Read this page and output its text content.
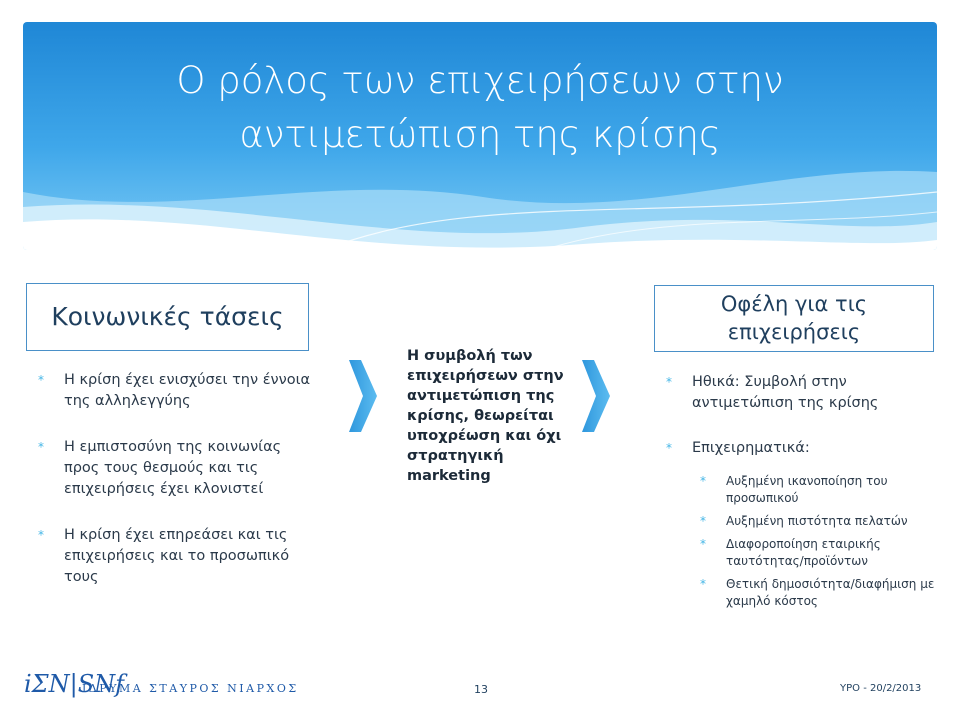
Ο ρόλος των επιχειρήσεων στην
αντιμετώπιση της κρίσης
Κοινωνικές τάσεις
* Η κρίση έχει ενισχύσει την έννοια της αλληλεγγύης
* Η εμπιστοσύνη της κοινωνίας προς τους θεσμούς και τις επιχειρήσεις έχει κλονιστεί
* Η κρίση έχει επηρεάσει και τις επιχειρήσεις και το προσωπικό τους
Η συμβολή των επιχειρήσεων στην αντιμετώπιση της κρίσης, θεωρείται υποχρέωση και όχι στρατηγική marketing
Οφέλη για τις
επιχειρήσεις
* Ηθικά: Συμβολή στην αντιμετώπιση της κρίσης
* Επιχειρηματικά:
* Αυξημένη ικανοποίηση του προσωπικού
* Αυξημένη πιστότητα πελατών
* Διαφοροποίηση εταιρικής ταυτότητας/προϊόντων
* Θετική δημοσιότητα/διαφήμιση με χαμηλό κόστος
iΣΝ|SNf
ΙΔΡΥΜΑ ΣΤΑΥΡΟΣ ΝΙΑΡΧΟΣ	13	YPO - 20/2/2013
